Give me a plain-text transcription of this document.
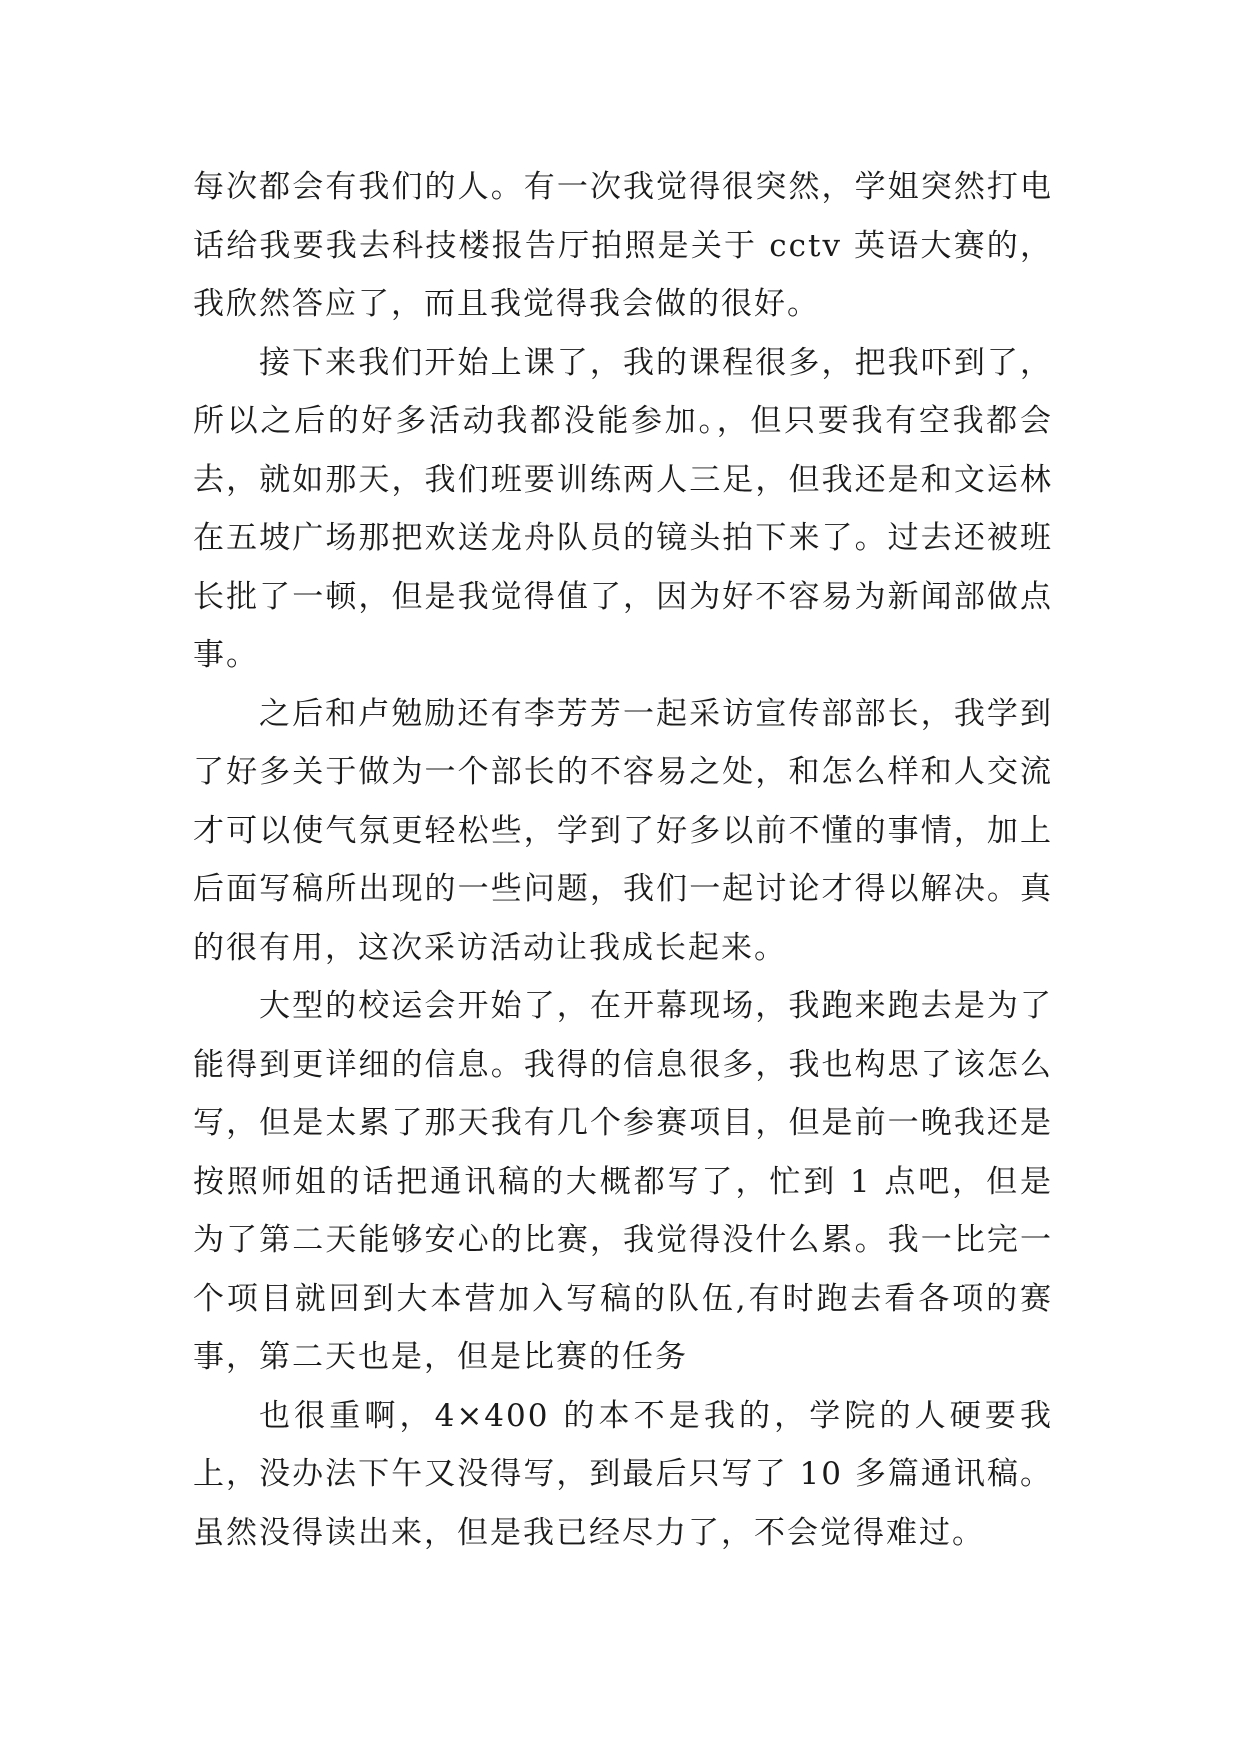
每次都会有我们的人。有一次我觉得很突然，学姐突然打电话给我要我去科技楼报告厅拍照是关于 cctv 英语大赛的，我欣然答应了，而且我觉得我会做的很好。

接下来我们开始上课了，我的课程很多，把我吓到了，所以之后的好多活动我都没能参加。，但只要我有空我都会去，就如那天，我们班要训练两人三足，但我还是和文运林在五坡广场那把欢送龙舟队员的镜头拍下来了。过去还被班长批了一顿，但是我觉得值了，因为好不容易为新闻部做点事。

之后和卢勉励还有李芳芳一起采访宣传部部长，我学到了好多关于做为一个部长的不容易之处，和怎么样和人交流才可以使气氛更轻松些，学到了好多以前不懂的事情，加上后面写稿所出现的一些问题，我们一起讨论才得以解决。真的很有用，这次采访活动让我成长起来。

大型的校运会开始了，在开幕现场，我跑来跑去是为了能得到更详细的信息。我得的信息很多，我也构思了该怎么写，但是太累了那天我有几个参赛项目，但是前一晚我还是按照师姐的话把通讯稿的大概都写了，忙到 1 点吧，但是为了第二天能够安心的比赛，我觉得没什么累。我一比完一个项目就回到大本营加入写稿的队伍,有时跑去看各项的赛事，第二天也是，但是比赛的任务

也很重啊，4×400 的本不是我的，学院的人硬要我上，没办法下午又没得写，到最后只写了 10 多篇通讯稿。虽然没得读出来，但是我已经尽力了，不会觉得难过。
